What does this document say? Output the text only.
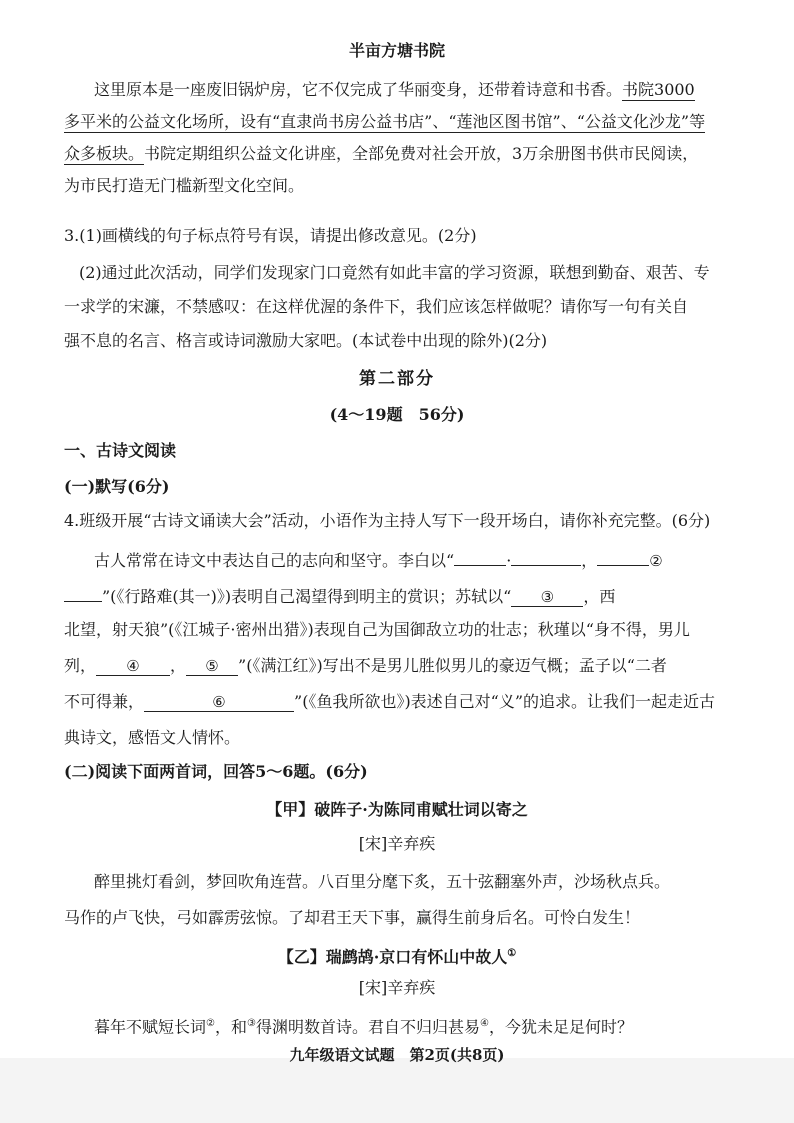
半亩方塘书院
这里原本是一座废旧锅炉房，它不仅完成了华丽变身，还带着诗意和书香。书院3000
多平米的公益文化场所，设有“直隶尚书房公益书店”、“莲池区图书馆”、“公益文化沙龙”等
众多板块。书院定期组织公益文化讲座，全部免费对社会开放，3万余册图书供市民阅读，
为市民打造无门槛新型文化空间。
3.(1)画横线的句子标点符号有误，请提出修改意见。(2分)
(2)通过此次活动，同学们发现家门口竟然有如此丰富的学习资源，联想到勤奋、艰苦、专
一求学的宋濂，不禁感叹：在这样优渥的条件下，我们应该怎样做呢？请你写一句有关自
强不息的名言、格言或诗词激励大家吧。(本试卷中出现的除外)(2分)
第二部分
(4～19题　56分)
一、古诗文阅读
(一)默写(6分)
4.班级开展“古诗文诵读大会”活动，小语作为主持人写下一段开场白，请你补充完整。(6分)
古人常常在诗文中表达自己的志向和坚守。李白以“	·	，	②
”(《行路难(其一)》)表明自己渴望得到明主的赏识；苏轼以“ ③ ，西
北望，射天狼”(《江城子·密州出猎》)表现自己为国御敌立功的壮志；秋瑾以“身不得，男儿
列， ④ ， ⑤ ”(《满江红》)写出不是男儿胜似男儿的豪迈气概；孟子以“二者
不可得兼，	⑥	”(《鱼我所欲也》)表述自己对“义”的追求。让我们一起走近古
典诗文，感悟文人情怀。
(二)阅读下面两首词，回答5～6题。(6分)
【甲】破阵子·为陈同甫赋壮词以寄之
[宋]辛弃疾
醉里挑灯看剑，梦回吹角连营。八百里分麾下炙，五十弦翻塞外声，沙场秋点兵。
马作的卢飞快，弓如霹雳弦惊。了却君王天下事，赢得生前身后名。可怜白发生！
【乙】瑞鹧鸪·京口有怀山中故人①
[宋]辛弃疾
暮年不赋短长词②，和③得渊明数首诗。君自不归归甚易④，今犹未足足何时？
九年级语文试题　第2页(共8页)
